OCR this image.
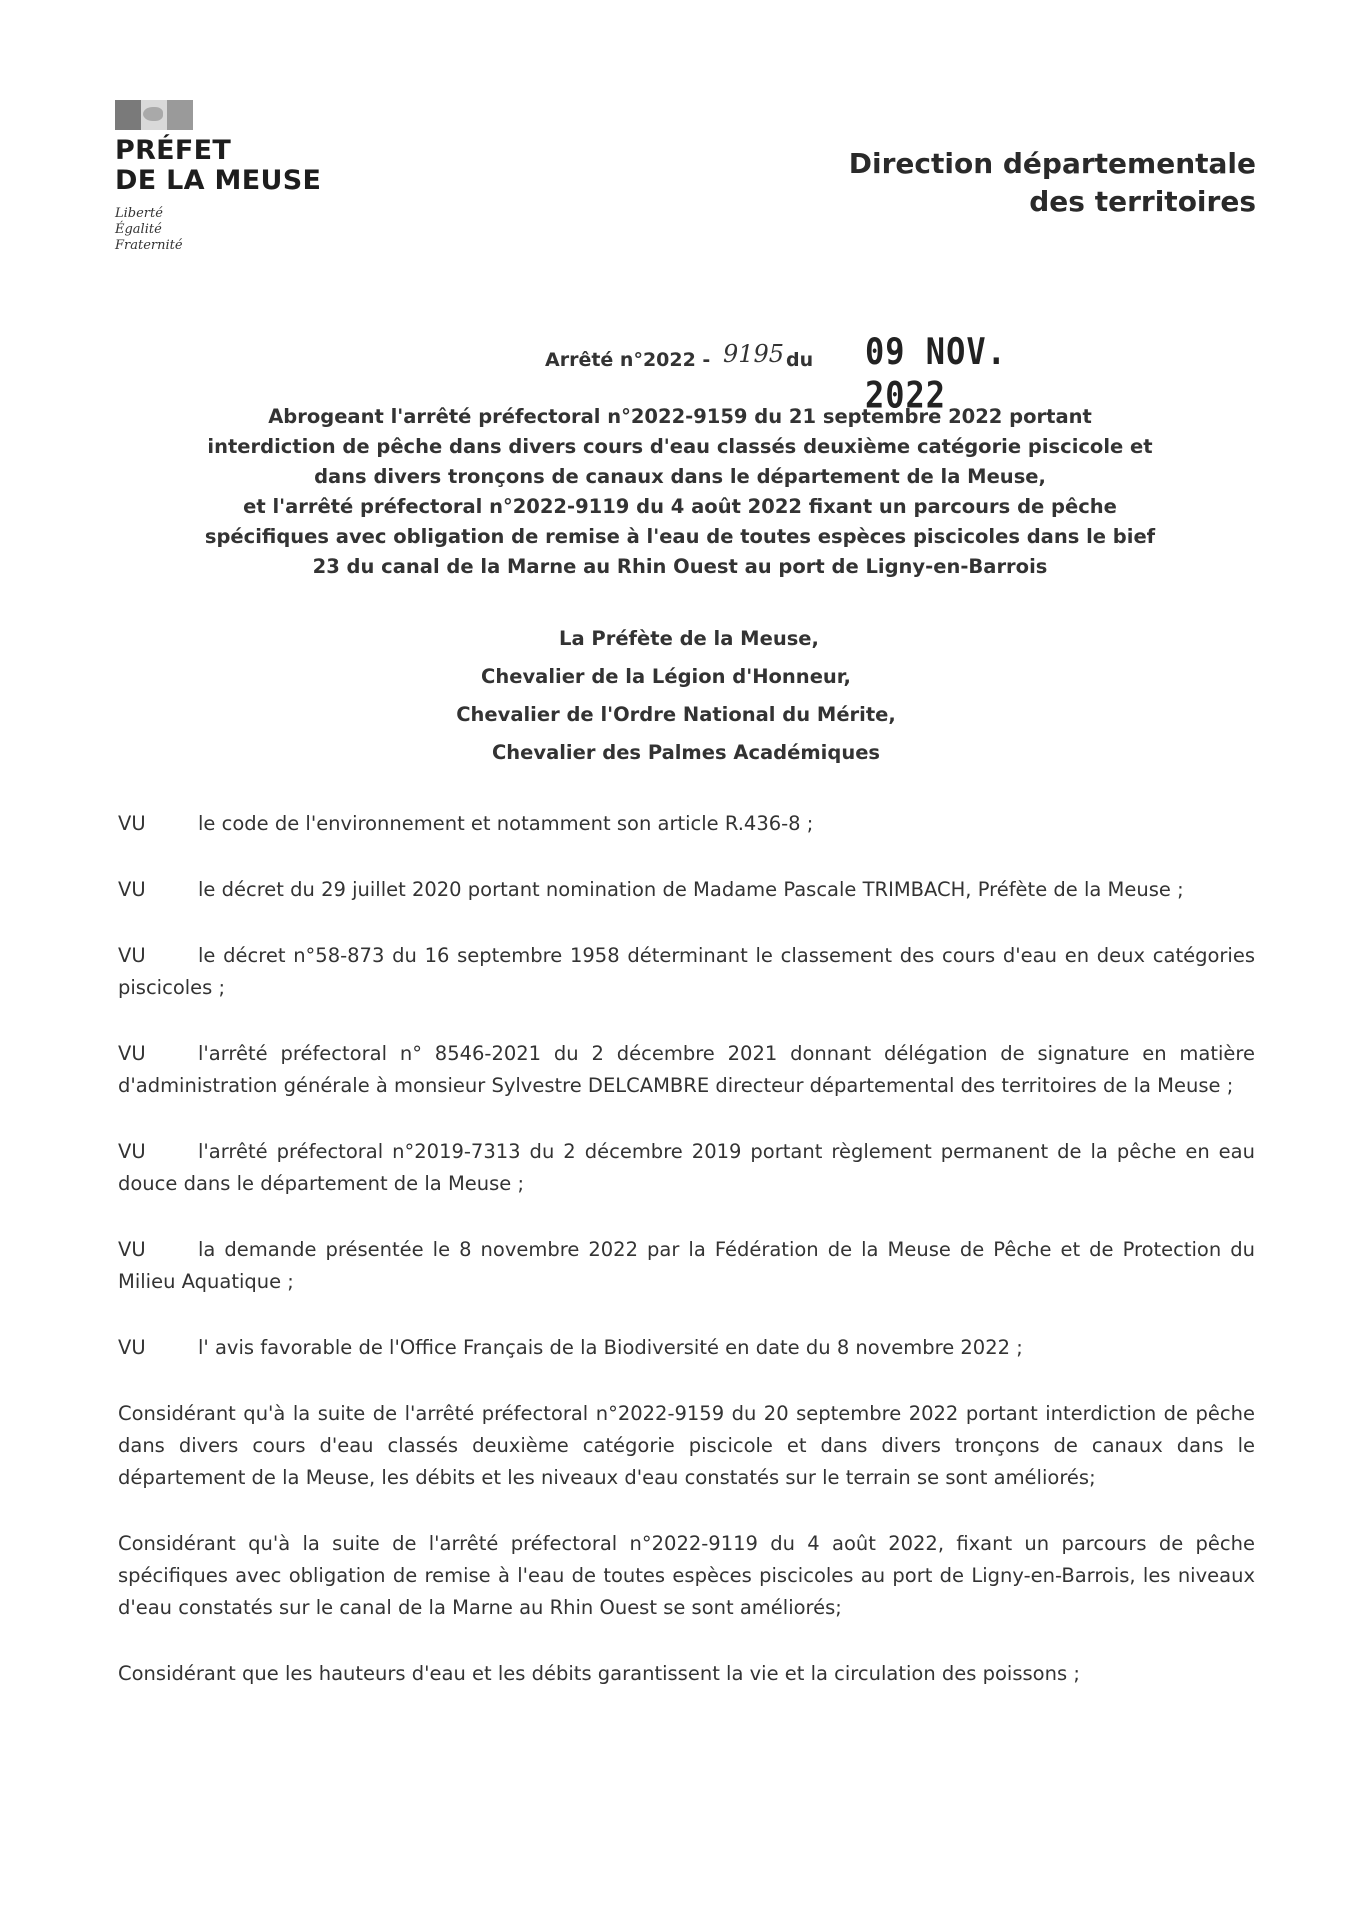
PRÉFET
DE LA MEUSE
Liberté
Égalité
Fraternité
Direction départementale
des territoires
Arrêté n°2022 - 9195 du 09 NOV. 2022
Abrogeant l'arrêté préfectoral n°2022-9159 du 21 septembre 2022 portant
interdiction de pêche dans divers cours d'eau classés deuxième catégorie piscicole et
dans divers tronçons de canaux dans le département de la Meuse,
et l'arrêté préfectoral n°2022-9119 du 4 août 2022 fixant un parcours de pêche
spécifiques avec obligation de remise à l'eau de toutes espèces piscicoles dans le bief
23 du canal de la Marne au Rhin Ouest au port de Ligny-en-Barrois
La Préfète de la Meuse,
Chevalier de la Légion d'Honneur,
Chevalier de l'Ordre National du Mérite,
Chevalier des Palmes Académiques

VU	le code de l'environnement et notamment son article R.436-8 ;

VU	le décret du 29 juillet 2020 portant nomination de Madame Pascale TRIMBACH, Préfète de la Meuse ;

VU	le décret n°58-873 du 16 septembre 1958 déterminant le classement des cours d'eau en deux catégories piscicoles ;

VU	l'arrêté préfectoral n° 8546-2021 du 2 décembre 2021 donnant délégation de signature en matière d'administration générale à monsieur Sylvestre DELCAMBRE directeur départemental des territoires de la Meuse ;

VU	l'arrêté préfectoral n°2019-7313 du 2 décembre 2019 portant règlement permanent de la pêche en eau douce dans le département de la Meuse ;

VU	la demande présentée le 8 novembre 2022 par la Fédération de la Meuse de Pêche et de Protection du Milieu Aquatique ;

VU	l' avis favorable de l'Office Français de la Biodiversité en date du 8 novembre 2022 ;

Considérant qu'à la suite de l'arrêté préfectoral n°2022-9159 du 20 septembre 2022 portant interdiction de pêche dans divers cours d'eau classés deuxième catégorie piscicole et dans divers tronçons de canaux dans le département de la Meuse, les débits et les niveaux d'eau constatés sur le terrain se sont améliorés;

Considérant qu'à la suite de l'arrêté préfectoral n°2022-9119 du 4 août 2022, fixant un parcours de pêche spécifiques avec obligation de remise à l'eau de toutes espèces piscicoles au port de Ligny-en-Barrois, les niveaux d'eau constatés sur le canal de la Marne au Rhin Ouest se sont améliorés;

Considérant que les hauteurs d'eau et les débits garantissent la vie et la circulation des poissons ;
